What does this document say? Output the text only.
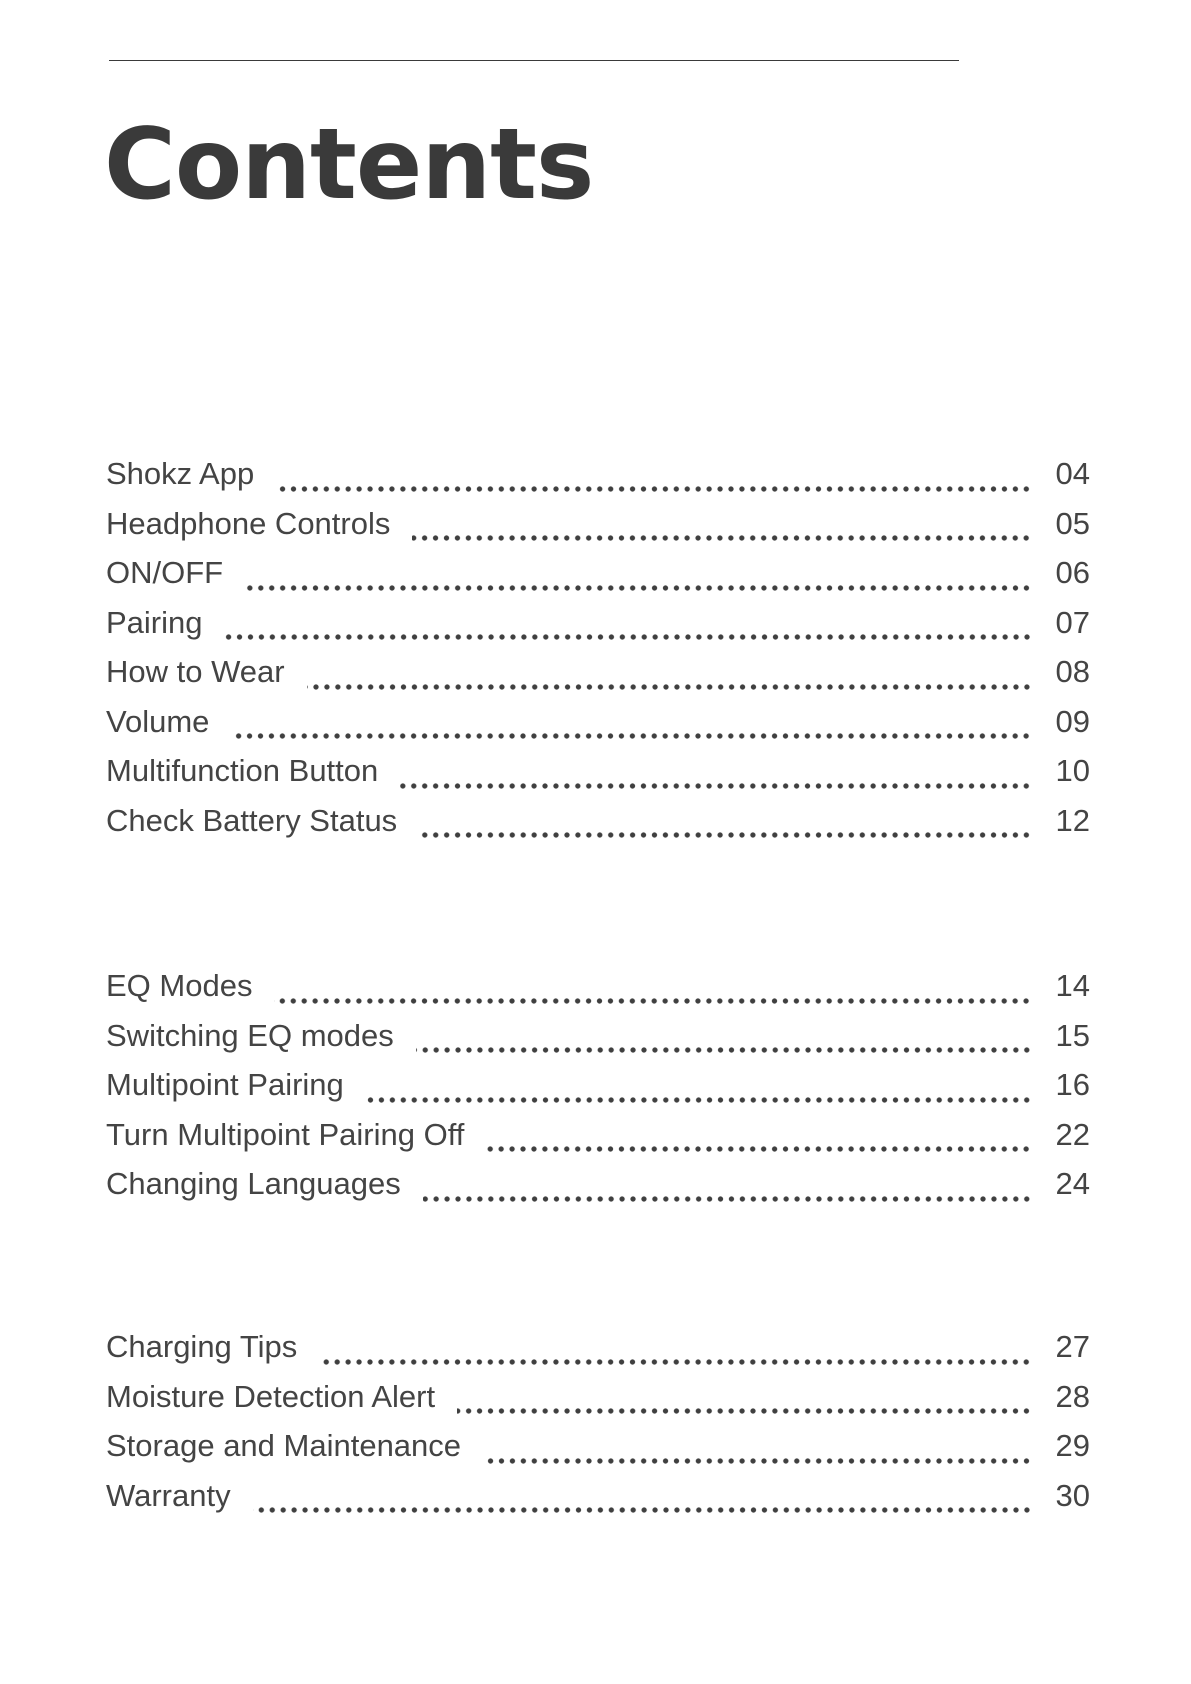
Contents
Shokz App	04
Headphone Controls	05
ON/OFF	06
Pairing	07
How to Wear	08
Volume	09
Multifunction Button	10
Check Battery Status	12
EQ Modes	14
Switching EQ modes	15
Multipoint Pairing	16
Turn Multipoint Pairing Off	22
Changing Languages	24
Charging Tips	27
Moisture Detection Alert	28
Storage and Maintenance	29
Warranty	30
